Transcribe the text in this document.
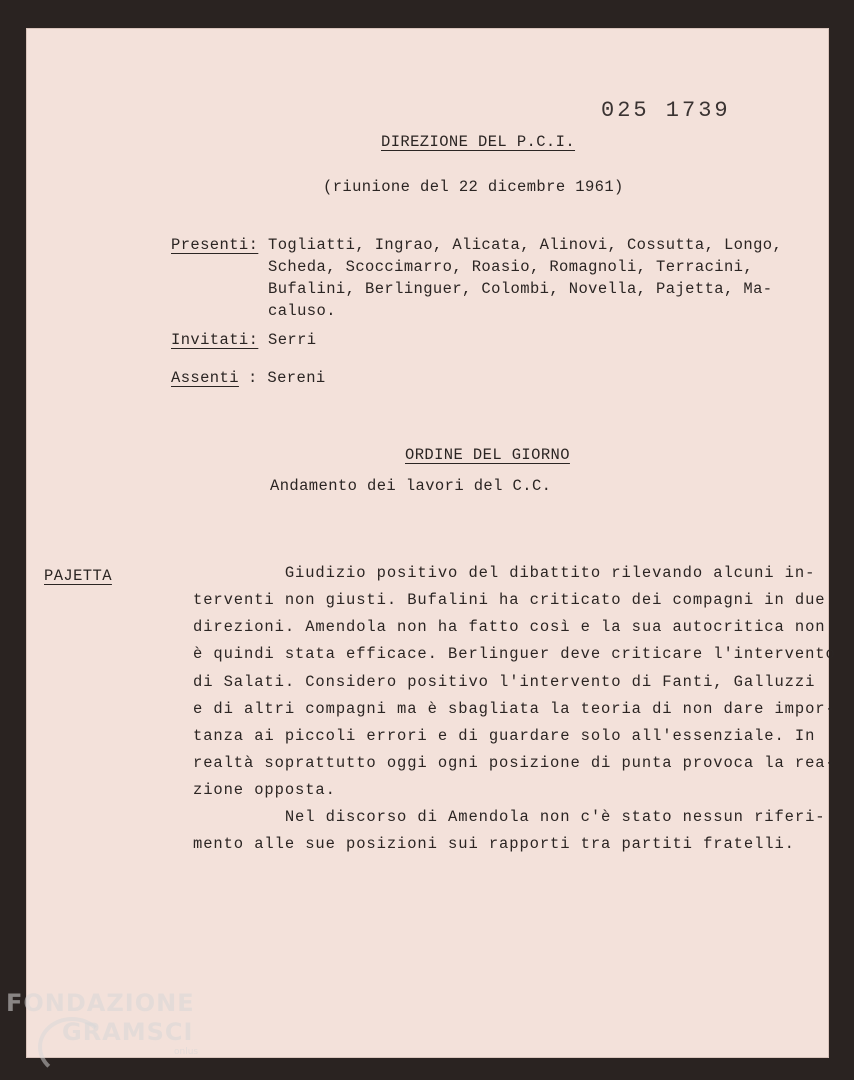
025 1739
DIREZIONE DEL P.C.I.
(riunione del 22 dicembre 1961)
Presenti: Togliatti, Ingrao, Alicata, Alinovi, Cossutta, Longo,
Scheda, Scoccimarro, Roasio, Romagnoli, Terracini,
Bufalini, Berlinguer, Colombi, Novella, Pajetta, Ma-
caluso.
Invitati: Serri
Assenti : Sereni
ORDINE DEL GIORNO
Andamento dei lavori del C.C.
PAJETTA	Giudizio positivo del dibattito rilevando alcuni in-
terventi non giusti. Bufalini ha criticato dei compagni in due
direzioni. Amendola non ha fatto così e la sua autocritica non
è quindi stata efficace. Berlinguer deve criticare l'intervento
di Salati. Considero positivo l'intervento di Fanti, Galluzzi
e di altri compagni ma è sbagliata la teoria di non dare impor-
tanza ai piccoli errori e di guardare solo all'essenziale. In
realtà soprattutto oggi ogni posizione di punta provoca la rea-
zione opposta.
Nel discorso di Amendola non c'è stato nessun riferi-
mento alle sue posizioni sui rapporti tra partiti fratelli.
FONDAZIONE
GRAMSCI
onlus
